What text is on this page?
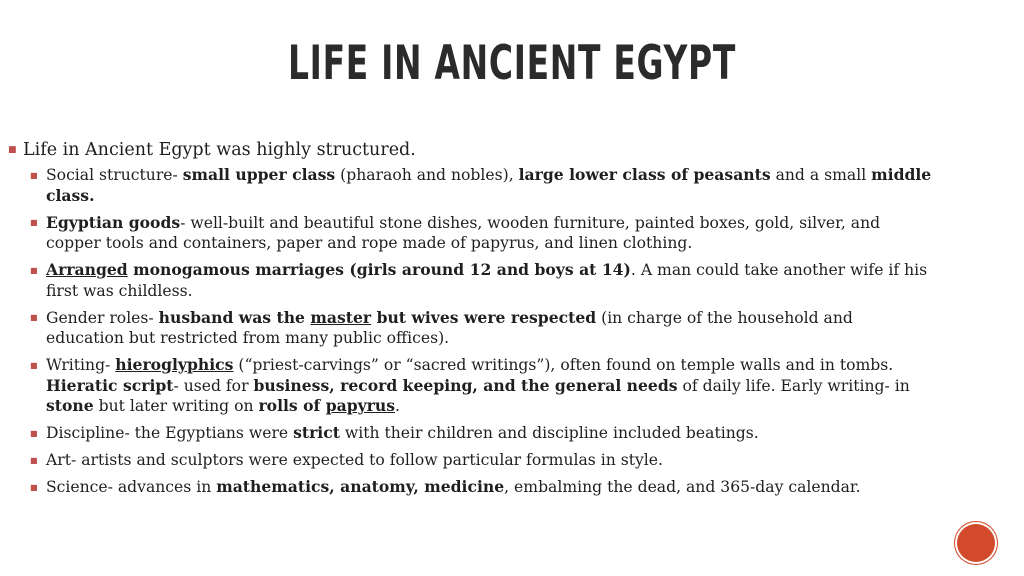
LIFE IN ANCIENT EGYPT
■ Life in Ancient Egypt was highly structured.
■ Social structure- small upper class (pharaoh and nobles), large lower class of peasants and a small middle
class.
■ Egyptian goods- well-built and beautiful stone dishes, wooden furniture, painted boxes, gold, silver, and
copper tools and containers, paper and rope made of papyrus, and linen clothing.
■ Arranged monogamous marriages (girls around 12 and boys at 14). A man could take another wife if his
first was childless.
■ Gender roles- husband was the master but wives were respected (in charge of the household and
education but restricted from many public offices).
■ Writing- hieroglyphics (“priest-carvings” or “sacred writings”), often found on temple walls and in tombs.
Hieratic script- used for business, record keeping, and the general needs of daily life. Early writing- in
stone but later writing on rolls of papyrus.
■ Discipline- the Egyptians were strict with their children and discipline included beatings.
■ Art- artists and sculptors were expected to follow particular formulas in style.
■ Science- advances in mathematics, anatomy, medicine, embalming the dead, and 365-day calendar.
